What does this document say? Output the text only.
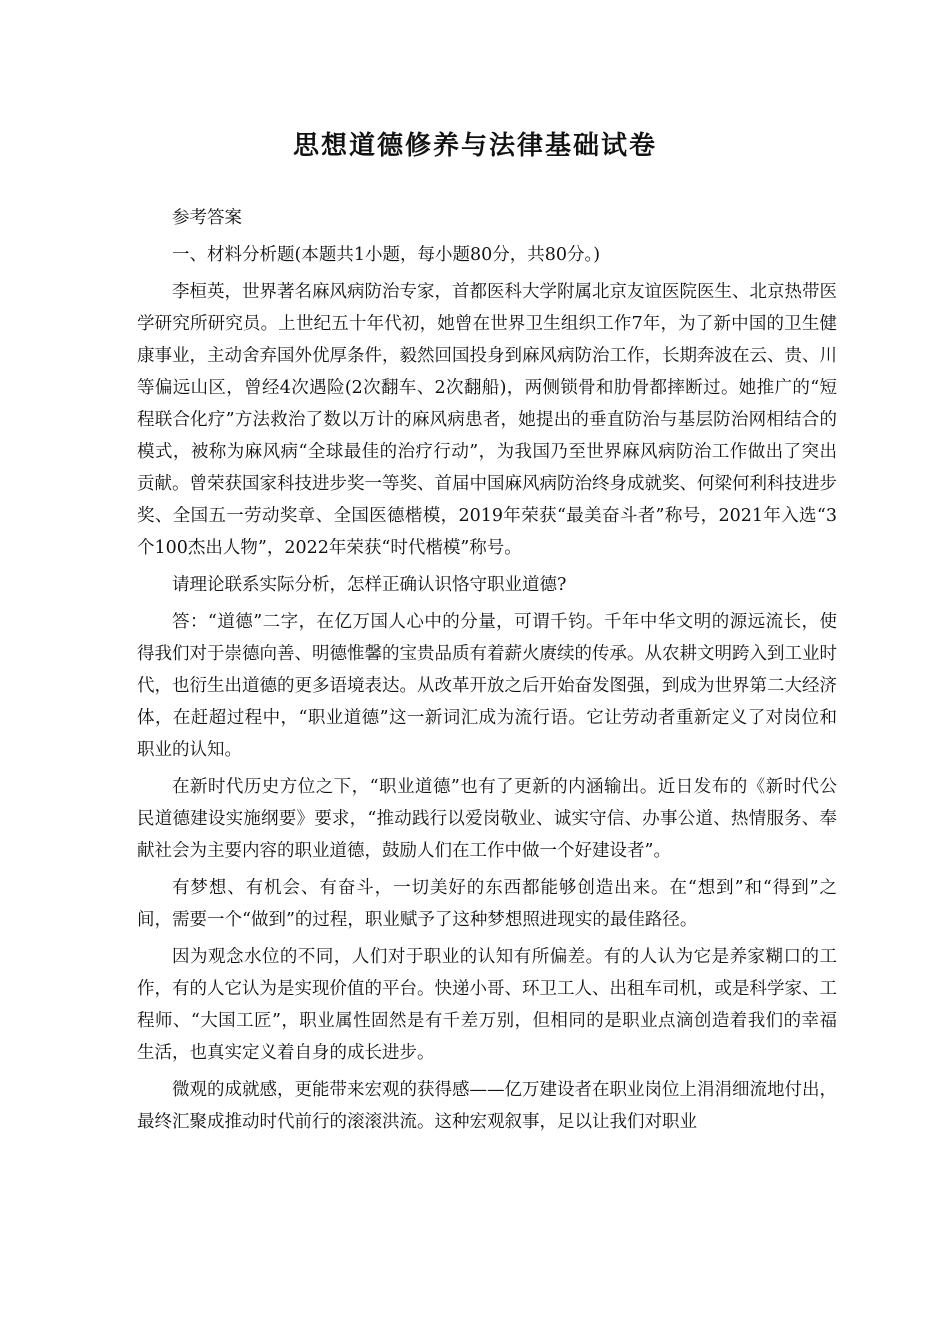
思想道德修养与法律基础试卷

参考答案

一、材料分析题(本题共1小题，每小题80分，共80分。)

李桓英，世界著名麻风病防治专家，首都医科大学附属北京友谊医院医生、北京热带医学研究所研究员。上世纪五十年代初，她曾在世界卫生组织工作7年，为了新中国的卫生健康事业，主动舍弃国外优厚条件，毅然回国投身到麻风病防治工作，长期奔波在云、贵、川等偏远山区，曾经4次遇险(2次翻车、2次翻船)，两侧锁骨和肋骨都摔断过。她推广的“短程联合化疗”方法救治了数以万计的麻风病患者，她提出的垂直防治与基层防治网相结合的模式，被称为麻风病“全球最佳的治疗行动”，为我国乃至世界麻风病防治工作做出了突出贡献。曾荣获国家科技进步奖一等奖、首届中国麻风病防治终身成就奖、何梁何利科技进步奖、全国五一劳动奖章、全国医德楷模，2019年荣获“最美奋斗者”称号，2021年入选“3个100杰出人物”，2022年荣获“时代楷模”称号。

请理论联系实际分析，怎样正确认识恪守职业道德?

答：“道德”二字，在亿万国人心中的分量，可谓千钧。千年中华文明的源远流长，使得我们对于崇德向善、明德惟馨的宝贵品质有着薪火赓续的传承。从农耕文明跨入到工业时代，也衍生出道德的更多语境表达。从改革开放之后开始奋发图强，到成为世界第二大经济体，在赶超过程中，“职业道德”这一新词汇成为流行语。它让劳动者重新定义了对岗位和职业的认知。

在新时代历史方位之下，“职业道德”也有了更新的内涵输出。近日发布的《新时代公民道德建设实施纲要》要求，“推动践行以爱岗敬业、诚实守信、办事公道、热情服务、奉献社会为主要内容的职业道德，鼓励人们在工作中做一个好建设者”。

有梦想、有机会、有奋斗，一切美好的东西都能够创造出来。在“想到”和“得到”之间，需要一个“做到”的过程，职业赋予了这种梦想照进现实的最佳路径。

因为观念水位的不同，人们对于职业的认知有所偏差。有的人认为它是养家糊口的工作，有的人它认为是实现价值的平台。快递小哥、环卫工人、出租车司机，或是科学家、工程师、“大国工匠”，职业属性固然是有千差万别，但相同的是职业点滴创造着我们的幸福生活，也真实定义着自身的成长进步。

微观的成就感，更能带来宏观的获得感——亿万建设者在职业岗位上涓涓细流地付出，最终汇聚成推动时代前行的滚滚洪流。这种宏观叙事，足以让我们对职业
